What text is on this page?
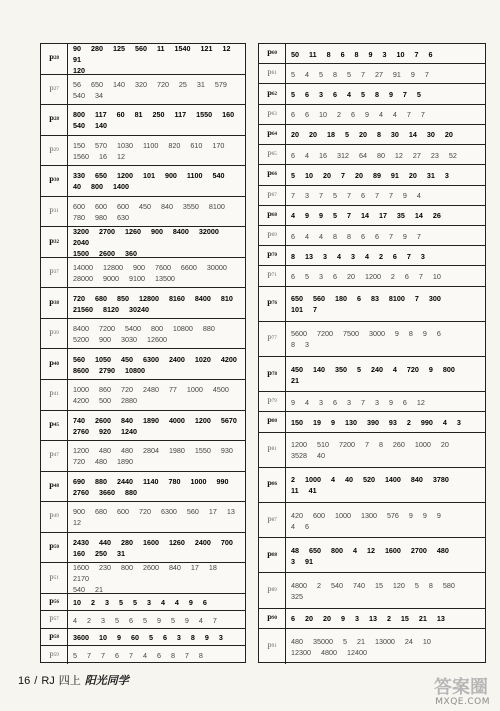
P 28
90  280  125  560  11  1540  121  12  91
120
P 27
56  650  140  320  720  25  31  579
540  34
P 28
800  117  60  81  250  117  1550  160
540  140
P 29
150  570  1030  1100  820  610  170
1560  16  12
P 30
330  650  1200  101  900  1100  540
40  800  1400
P 31
600  600  600  450  840  3550  8100
780  980  630
P 32
3200  2700  1260  900  8400  32000  2040
1500  2600  360
P 37
14000  12800  900  7600  6600  30000
28000  9000  9100  13500
P 38
720  680  850  12800  8160  8400  810
21560  8120  30240
P 39
8400  7200  5400  800  10800  880
5200  900  3030  12600
P 40
560  1050  450  6300  2400  1020  4200
8600  2790  10800
P 41
1000  860  720  2480  77  1000  4500
4200  500  2880
P 45
740  2600  840  1890  4000  1200  5670
2760  920  1240
P 47
1200  480  480  2804  1980  1550  930
720  480  1890
P 48
690  880  2440  1140  780  1000  990
2760  3660  880
P 49
900  680  600  720  6300  560  17  13
12
P 50
2430  440  280  1600  1260  2400  700
160  250  31
P 51
1600  230  800  2600  840  17  18  2170
540  21
P 56 10  2  3  5  5  3  4  4  9  6
P 57 4  2  3  5  6  5  9  5  9  4  7
P 58 3600  10  9  60  5  6  3  8  9  3
P 59 5  7  7  6  7  4  6  8  7  8
P 60 50  11  8  6  8  9  3  10  7  6
P 61 5  4  5  8  5  7  27  91  9  7
P 62 5  6  3  6  4  5  8  9  7  5
P 63 6  6  10  2  6  9  4  4  7  7
P 64 20  20  18  5  20  8  30  14  30  20
P 65 6  4  16  312  64  80  12  27  23  52
P 66 5  10  20  7  20  89  91  20  31  3
P 67 7  3  7  5  7  6  7  7  9  4
P 68 4  9  9  5  7  14  17  35  14  26
P 69 6  4  4  8  8  6  6  7  9  7
P 70 8  13  3  4  3  4  2  6  7  3
P 71 6  5  3  6  20  1200  2  6  7  10
P 76
650  560  180  6  83  8100  7  300
101  7
P 77
5600  7200  7500  3000  9  8  9  6
8  3
P 78
450  140  350  5  240  4  720  9  800
21
P 79 9  4  3  6  3  7  3  9  6  12
P 80 150  19  9  130  390  93  2  990  4  3
P 81
1200  510  7200  7  8  260  1000  20
3528  40
P 86
2  1000  4  40  520  1400  840  3780
11  41
P 87
420  600  1000  1300  576  9  9  9
4  6
P 88
48  650  800  4  12  1600  2700  480
3  91
P 89
4800  2  540  740  15  120  5  8  580
325
P 90 6  20  20  9  3  13  2  15  21  13
P 91
480  35000  5  21  13000  24  10
12300  4800  12400
16 / RJ 四上 阳光同学	答案圈
MXQE.COM
